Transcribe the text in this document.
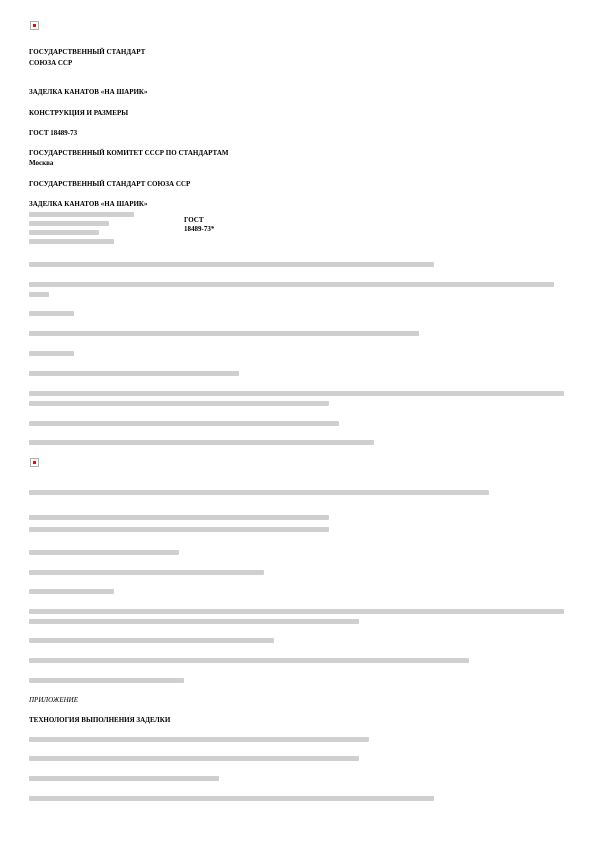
ГОСУДАРСТВЕННЫЙ СТАНДАРТ
СОЮЗА ССР
ЗАДЕЛКА КАНАТОВ «НА ШАРИК»
КОНСТРУКЦИЯ И РАЗМЕРЫ
ГОСТ 18489-73
ГОСУДАРСТВЕННЫЙ КОМИТЕТ СССР ПО СТАНДАРТАМ
Москва
ГОСУДАРСТВЕННЫЙ СТАНДАРТ СОЮЗА ССР
ЗАДЕЛКА КАНАТОВ «НА ШАРИК»
ГОСТ
18489-73*
ПРИЛОЖЕНИЕ
ТЕХНОЛОГИЯ ВЫПОЛНЕНИЯ ЗАДЕЛКИ
